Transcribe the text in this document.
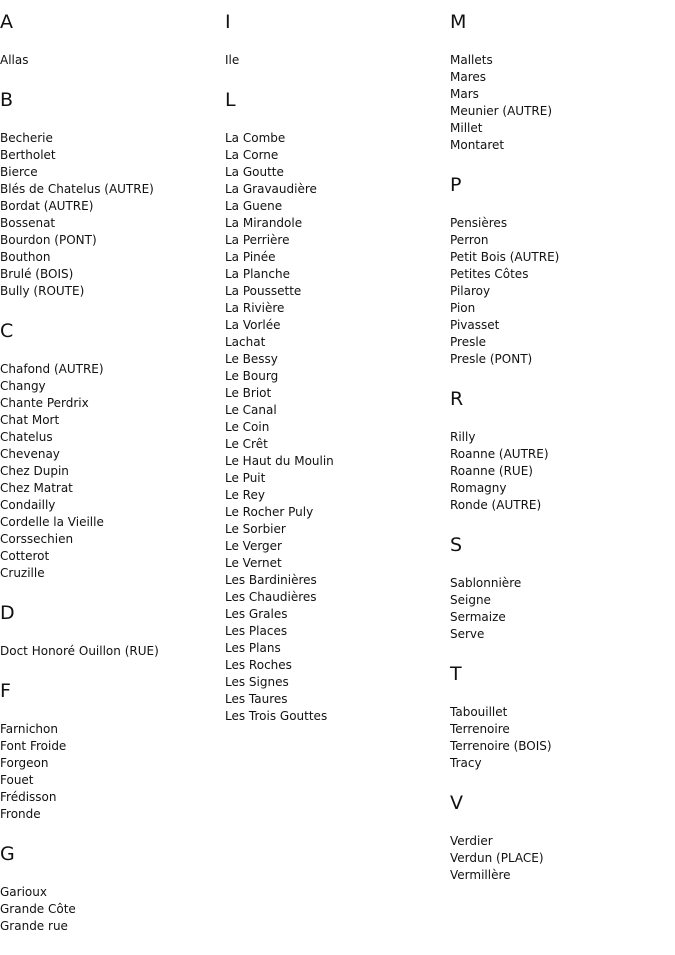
A
Allas
B
Becherie
Bertholet
Bierce
Blés de Chatelus (AUTRE)
Bordat (AUTRE)
Bossenat
Bourdon (PONT)
Bouthon
Brulé (BOIS)
Bully (ROUTE)
C
Chafond (AUTRE)
Changy
Chante Perdrix
Chat Mort
Chatelus
Chevenay
Chez Dupin
Chez Matrat
Condailly
Cordelle la Vieille
Corssechien
Cotterot
Cruzille
D
Doct Honoré Ouillon (RUE)
F
Farnichon
Font Froide
Forgeon
Fouet
Frédisson
Fronde
G
Garioux
Grande Côte
Grande rue
I
Ile
L
La Combe
La Corne
La Goutte
La Gravaudière
La Guene
La Mirandole
La Perrière
La Pinée
La Planche
La Poussette
La Rivière
La Vorlée
Lachat
Le Bessy
Le Bourg
Le Briot
Le Canal
Le Coin
Le Crêt
Le Haut du Moulin
Le Puit
Le Rey
Le Rocher Puly
Le Sorbier
Le Verger
Le Vernet
Les Bardinières
Les Chaudières
Les Grales
Les Places
Les Plans
Les Roches
Les Signes
Les Taures
Les Trois Gouttes
M
Mallets
Mares
Mars
Meunier (AUTRE)
Millet
Montaret
P
Pensières
Perron
Petit Bois (AUTRE)
Petites Côtes
Pilaroy
Pion
Pivasset
Presle
Presle (PONT)
R
Rilly
Roanne (AUTRE)
Roanne (RUE)
Romagny
Ronde (AUTRE)
S
Sablonnière
Seigne
Sermaize
Serve
T
Tabouillet
Terrenoire
Terrenoire (BOIS)
Tracy
V
Verdier
Verdun (PLACE)
Vermillère
